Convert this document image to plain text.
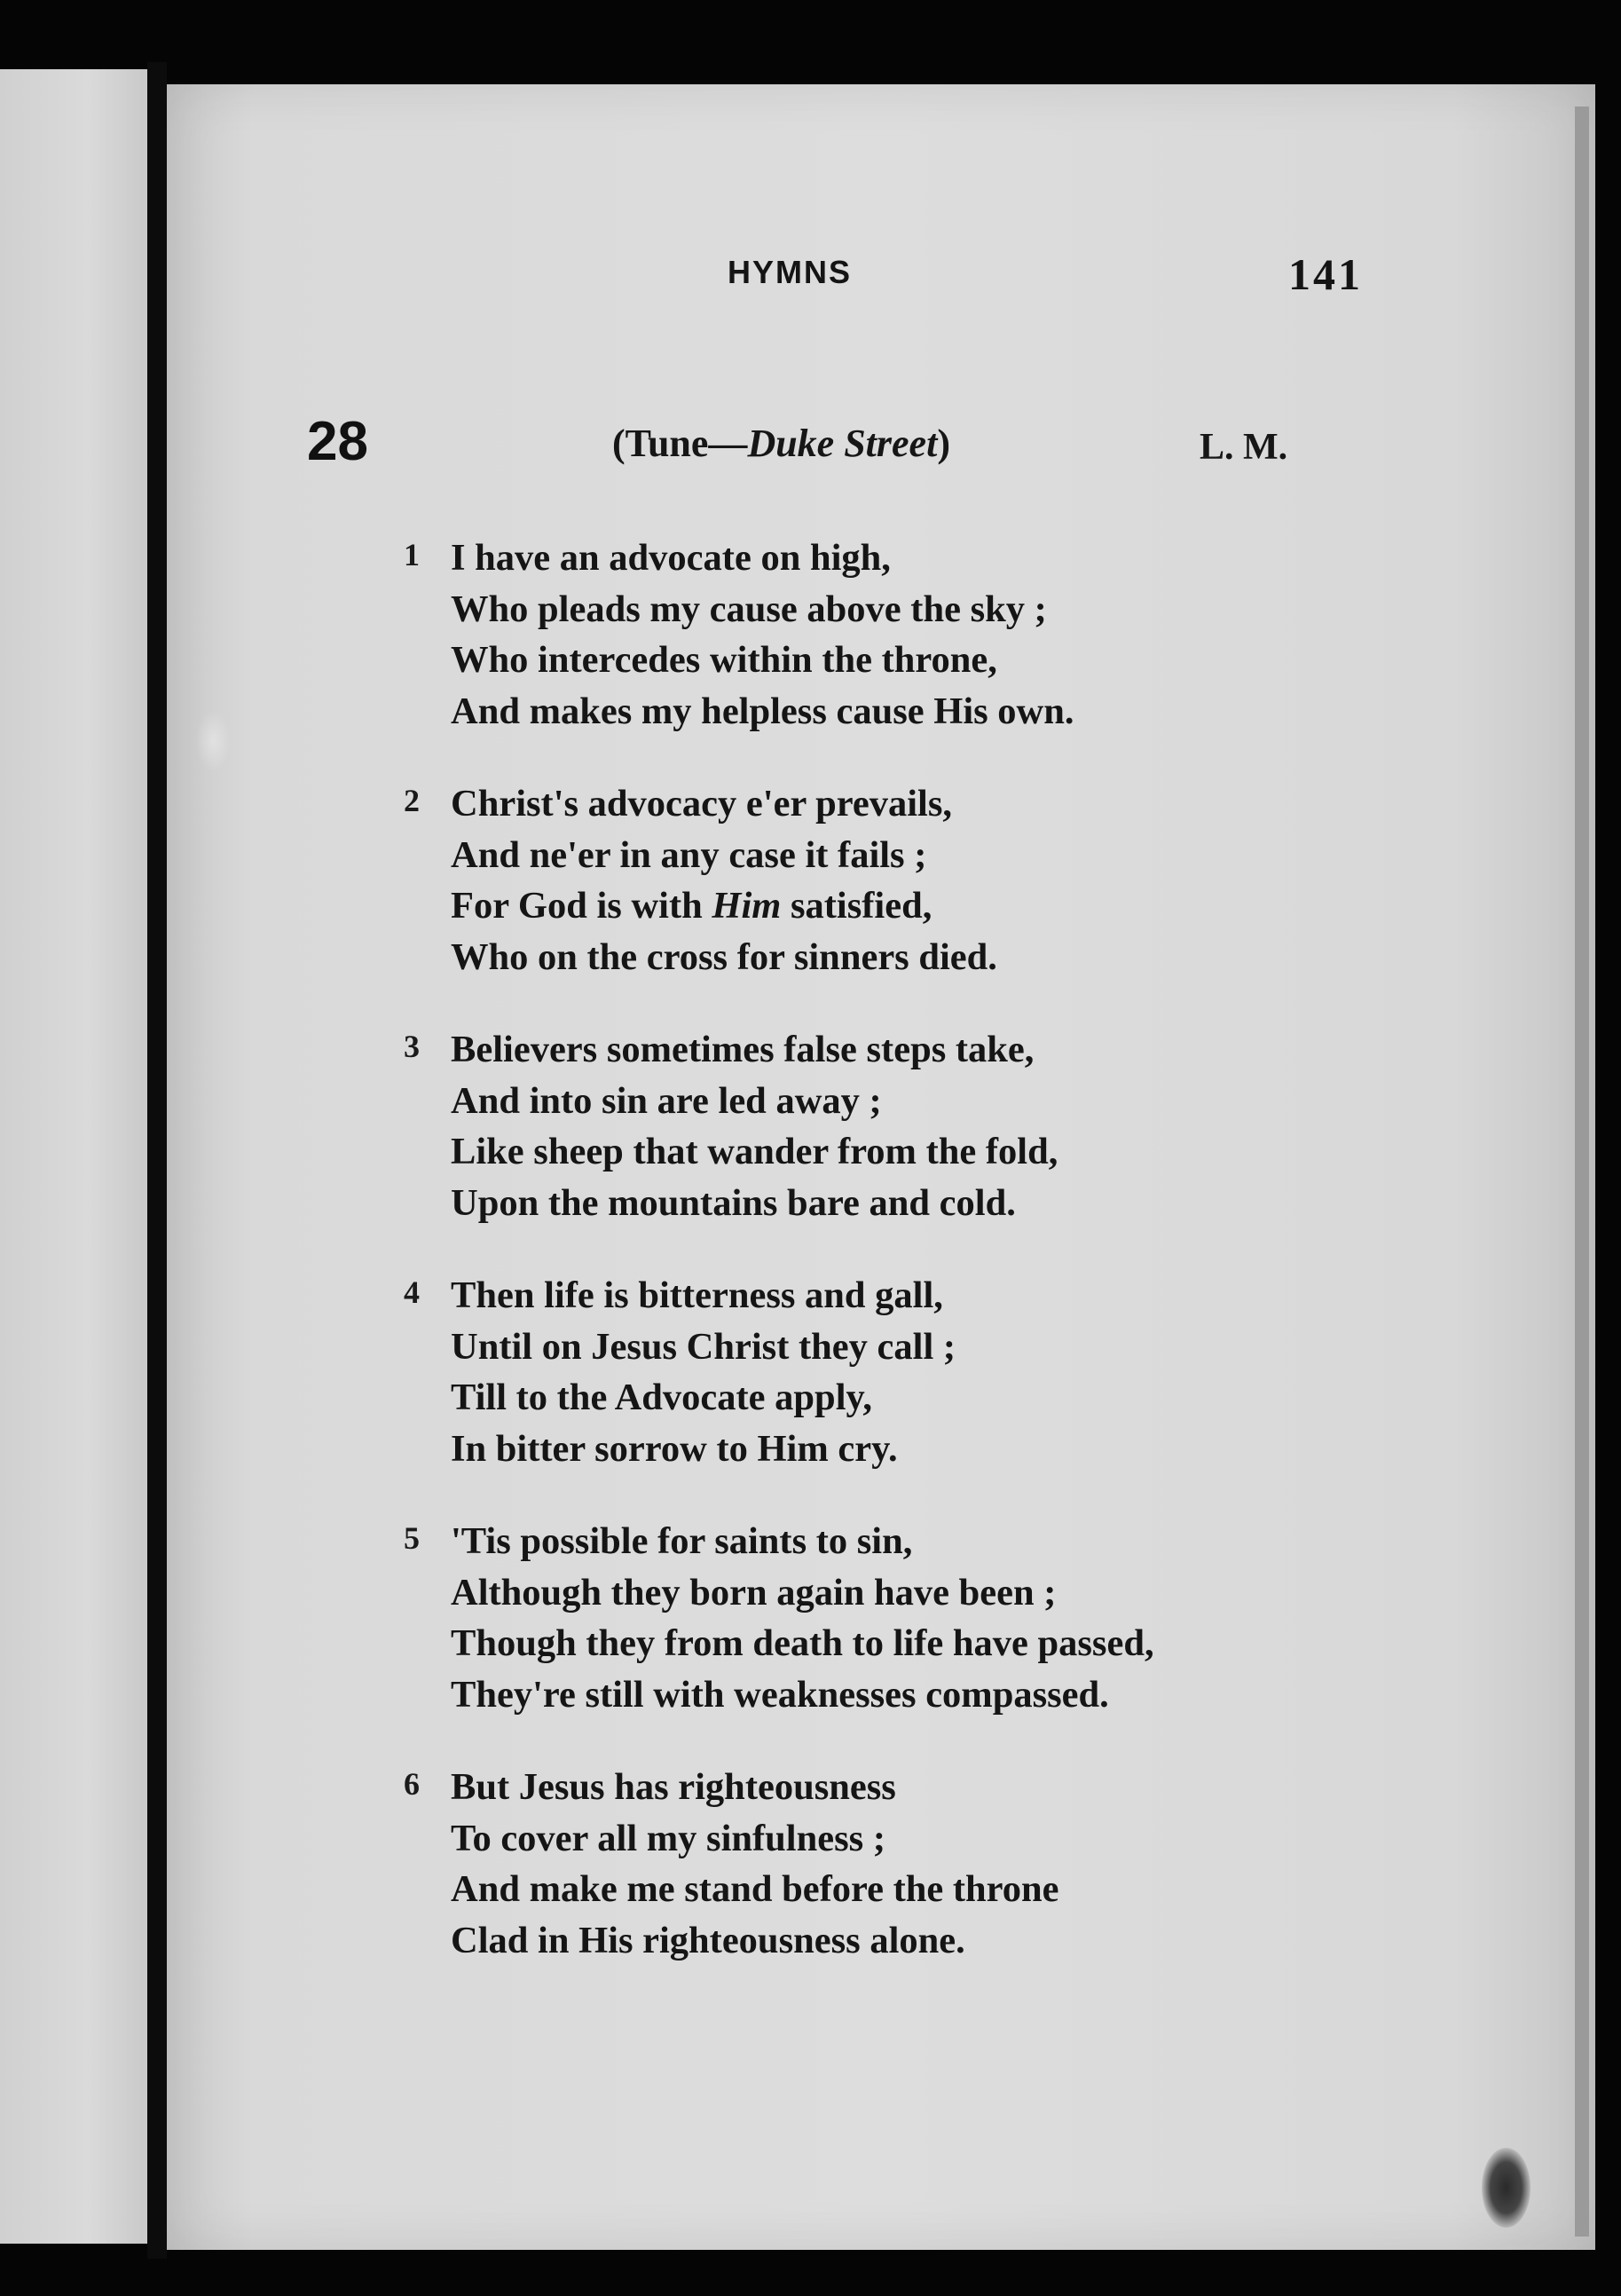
HYMNS	141
28	(Tune—Duke Street)	L. M.
1 I have an advocate on high,
Who pleads my cause above the sky ;
Who intercedes within the throne,
And makes my helpless cause His own.
2 Christ's advocacy e'er prevails,
And ne'er in any case it fails ;
For God is with Him satisfied,
Who on the cross for sinners died.
3 Believers sometimes false steps take,
And into sin are led away ;
Like sheep that wander from the fold,
Upon the mountains bare and cold.
4 Then life is bitterness and gall,
Until on Jesus Christ they call ;
Till to the Advocate apply,
In bitter sorrow to Him cry.
5 'Tis possible for saints to sin,
Although they born again have been ;
Though they from death to life have passed,
They're still with weaknesses compassed.
6 But Jesus has righteousness
To cover all my sinfulness ;
And make me stand before the throne
Clad in His righteousness alone.
